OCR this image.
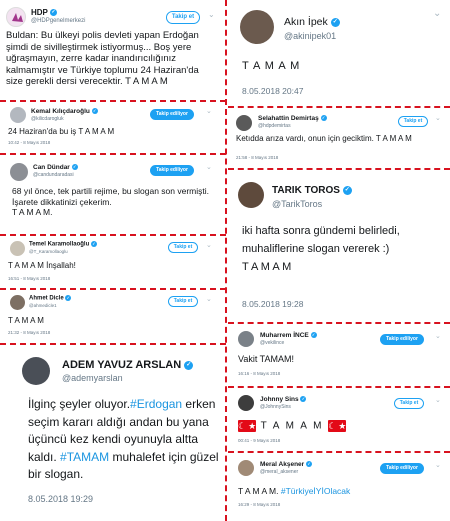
HDP ✓
@HDPgenelmerkezi
Takip et	⌄
Buldan: Bu ülkeyi polis devleti yapan Erdoğan şimdi de sivilleştirmek istiyormuş... Boş yere uğraşmayın, zerre kadar inandırıcılığınız kalmamıştır ve Türkiye toplumu 24 Haziran'da size gerekli dersi verecektir. T A M A M
Kemal Kılıçdaroğlu ✓
@kilicdarogluk
Takip ediliyor	⌄
24 Haziran'da bu iş T A M A M
10:42 - 8 Mayıs 2018
Can Dündar ✓
@candundaradasi
Takip ediliyor	⌄
68 yıl önce, tek partili rejime, bu slogan son vermişti.
İşarete dikkatinizi çekerim.
T A M A M.
Temel Karamollaoğlu ✓
@T_Karamollaoglu
Takip et	⌄
T A M A M İnşallah!
16:51 - 8 Mayıs 2018
Ahmet Dicle ✓
@ahmedicle1
Takip et	⌄
T A M A M
21:32 - 8 Mayıs 2018
ADEM YAVUZ ARSLAN ✓
@ademyarslan
İlginç şeyler oluyor.#Erdogan erken seçim kararı aldığı andan bu yana üçüncü kez kendi oyunuyla altta kaldı. #TAMAM muhalefet için güzel bir slogan.
8.05.2018 19:29
Akın İpek ✓
@akinipek01
⌄
T A M A M
8.05.2018 20:47
Selahattin Demirtaş ✓
@hdpdemirtas
Takip et	⌄
Ketıdda arıza vardı, onun için geciktim. T A M A M
21:58 - 8 Mayıs 2018
TARIK TOROS ✓
@TarikToros
iki hafta sonra gündemi belirledi, muhaliflerine slogan vererek :)
T A M A M
8.05.2018 19:28
Muharrem İNCE ✓
@vekilince
Takip ediliyor	⌄
Vakit TAMAM!
16:16 - 8 Mayıs 2018
Johnny Sins ✓
@JohnnySins
Takip et	⌄
☾★ T A M A M ☾★
00:41 - 9 Mayıs 2018
Meral Akşener ✓
@meral_aksener
Takip ediliyor	⌄
T A M A M. #TürkiyeİYİOlacak
16:29 - 8 Mayıs 2018
